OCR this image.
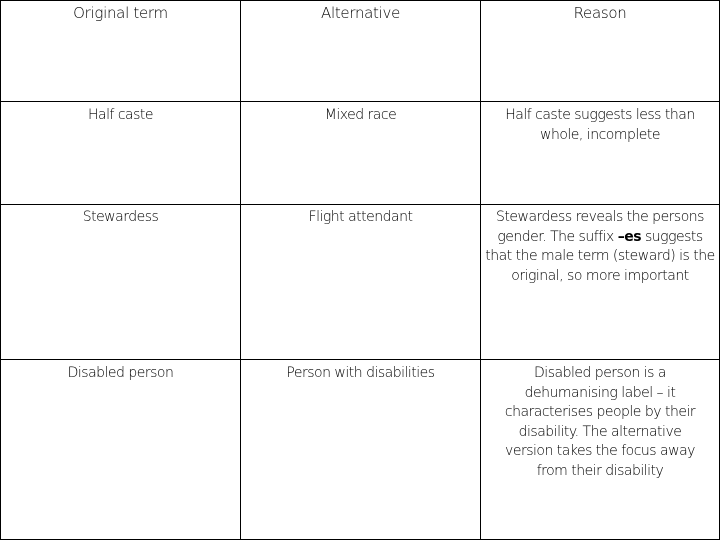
Original term	Alternative	Reason
Half caste	Mixed race	Half caste suggests less than whole, incomplete
Stewardess	Flight attendant	Stewardess reveals the persons gender. The suffix –es suggests that the male term (steward) is the original, so more important
Disabled person	Person with disabilities	Disabled person is a dehumanising label – it characterises people by their disability. The alternative version takes the focus away from their disability
